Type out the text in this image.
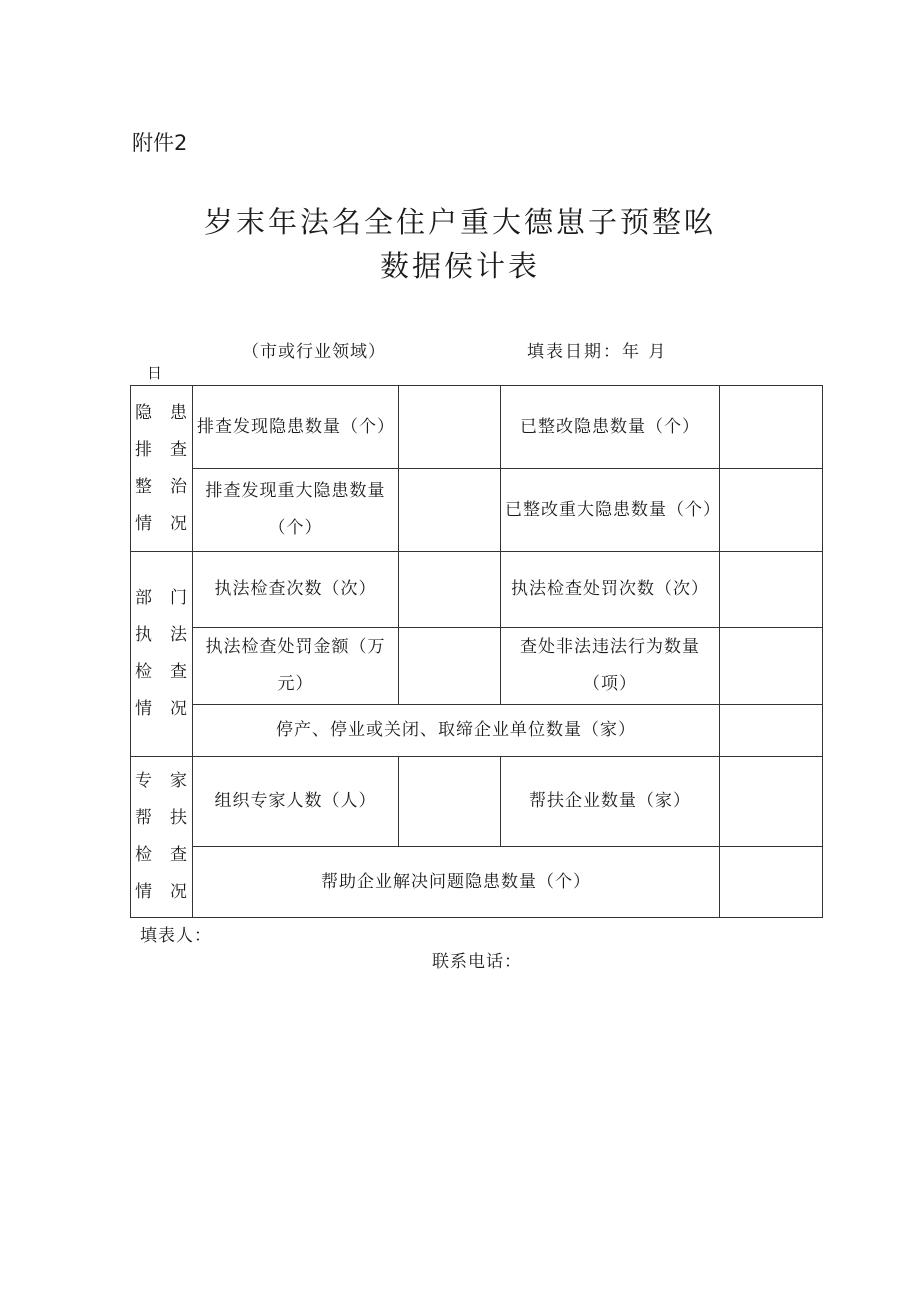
附件2
岁末年法名全住户重大德崽子预整吆
薮据侯计表
（市或行业领域）	填表日期：年 月
日
隐 患
排 查
整 治
情况	排查发现隐患数量（个）		已整改隐患数量（个）	
	排查发现重大隐患数量（个）		已整改重大隐患数量（个）	

部 门
执 法
检 查
情况	执法检查次数（次）		执法检查处罚次数（次）	
	执法检查处罚金额（万元）		查处非法违法行为数量（项）	
	停产、停业或关闭、取缔企业单位数量（家）			

专 家
帮 扶
检 查
情况	组织专家人数（人）		帮扶企业数量（家）	
	帮助企业解决问题隐患数量（个）			
填表人：
联系电话：
